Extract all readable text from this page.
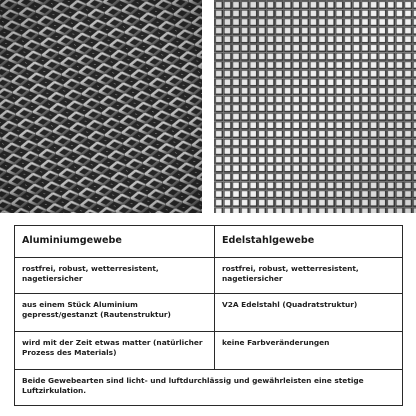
Aluminiumgewebe	Edelstahlgewebe
rostfrei, robust, wetterresistent, nagetiersicher	rostfrei, robust, wetterresistent, nagetiersicher
aus einem Stück Aluminium gepresst/gestanzt (Rautenstruktur)	V2A Edelstahl (Quadratstruktur)
wird mit der Zeit etwas matter (natürlicher Prozess des Materials)	keine Farbveränderungen
Beide Gewebearten sind licht- und luftdurchlässig und gewährleisten eine stetige Luftzirkulation.	
